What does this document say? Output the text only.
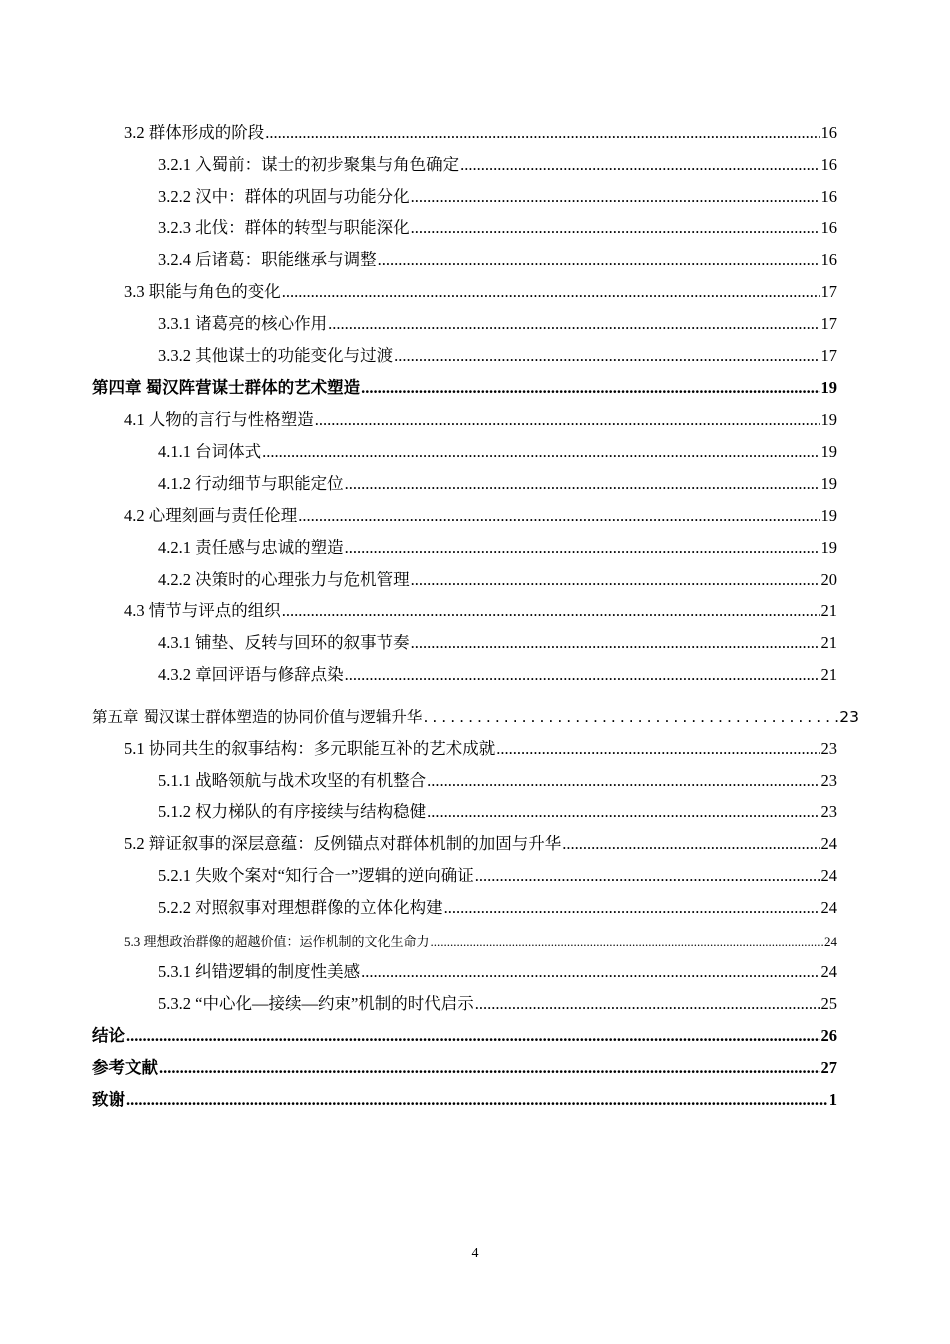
3.2 群体形成的阶段 .....	16
3.2.1 入蜀前：谋士的初步聚集与角色确定 .....	16
3.2.2 汉中：群体的巩固与功能分化 .....	16
3.2.3 北伐：群体的转型与职能深化 .....	16
3.2.4 后诸葛：职能继承与调整 .....	16
3.3 职能与角色的变化 .....	17
3.3.1 诸葛亮的核心作用 .....	17
3.3.2 其他谋士的功能变化与过渡 .....	17
第四章 蜀汉阵营谋士群体的艺术塑造 .....	19
4.1 人物的言行与性格塑造 .....	19
4.1.1 台词体式 .....	19
4.1.2 行动细节与职能定位 .....	19
4.2 心理刻画与责任伦理 .....	19
4.2.1 责任感与忠诚的塑造 .....	19
4.2.2 决策时的心理张力与危机管理 .....	20
4.3 情节与评点的组织 .....	21
4.3.1 铺垫、反转与回环的叙事节奏 .....	21
4.3.2 章回评语与修辞点染 .....	21
第五章 蜀汉谋士群体塑造的协同价值与逻辑升华 .....	23
5.1 协同共生的叙事结构：多元职能互补的艺术成就 .....	23
5.1.1 战略领航与战术攻坚的有机整合 .....	23
5.1.2 权力梯队的有序接续与结构稳健 .....	23
5.2 辩证叙事的深层意蕴：反例锚点对群体机制的加固与升华 .....	24
5.2.1 失败个案对“知行合一”逻辑的逆向确证 .....	24
5.2.2 对照叙事对理想群像的立体化构建 .....	24
5.3 理想政治群像的超越价值：运作机制的文化生命力 .....	24
5.3.1 纠错逻辑的制度性美感 .....	24
5.3.2 “中心化—接续—约束”机制的时代启示 .....	25
结论 .....	26
参考文献 .....	27
致谢 .....	1
4
